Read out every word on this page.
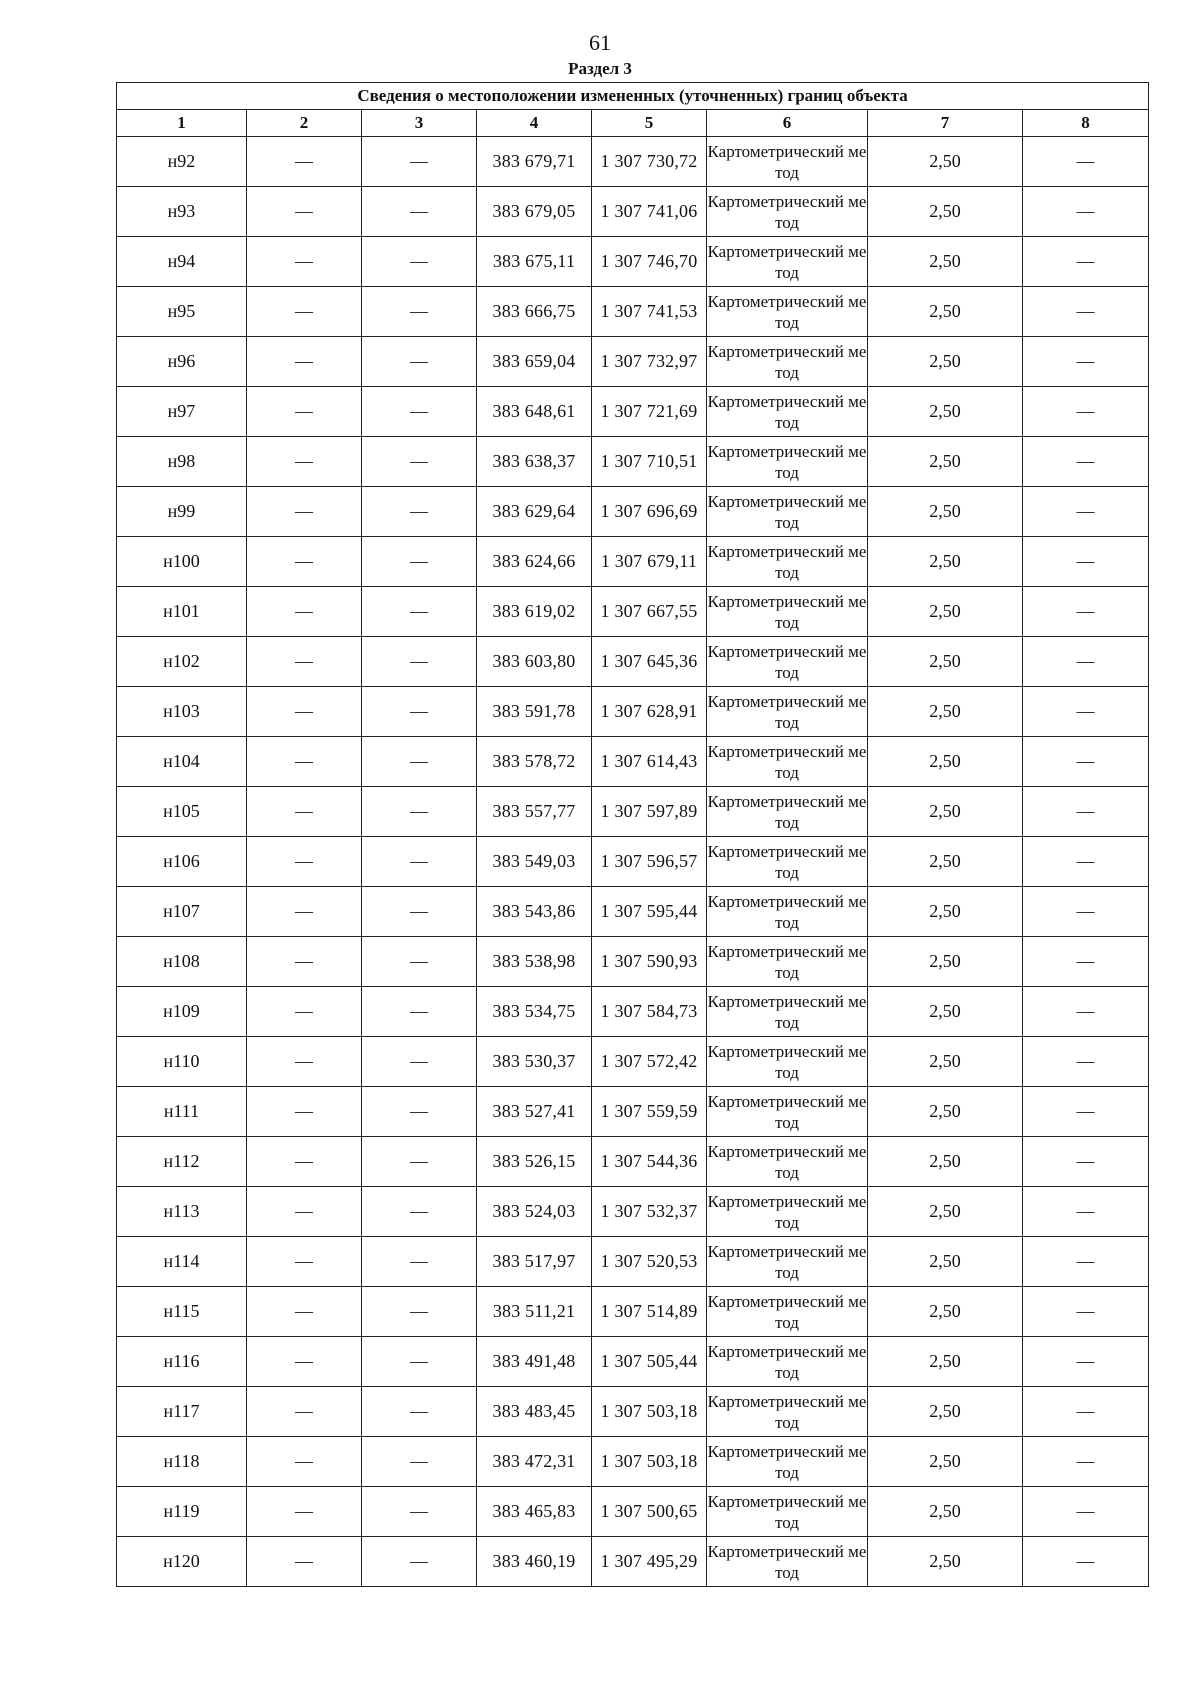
61
Раздел 3
Сведения о местоположении измененных (уточненных) границ объекта							
1	2	3	4	5	6	7	8
н92	—	—	383 679,71	1 307 730,72	Картометрический метод	2,50	—
н93	—	—	383 679,05	1 307 741,06	Картометрический метод	2,50	—
н94	—	—	383 675,11	1 307 746,70	Картометрический метод	2,50	—
н95	—	—	383 666,75	1 307 741,53	Картометрический метод	2,50	—
н96	—	—	383 659,04	1 307 732,97	Картометрический метод	2,50	—
н97	—	—	383 648,61	1 307 721,69	Картометрический метод	2,50	—
н98	—	—	383 638,37	1 307 710,51	Картометрический метод	2,50	—
н99	—	—	383 629,64	1 307 696,69	Картометрический метод	2,50	—
н100	—	—	383 624,66	1 307 679,11	Картометрический метод	2,50	—
н101	—	—	383 619,02	1 307 667,55	Картометрический метод	2,50	—
н102	—	—	383 603,80	1 307 645,36	Картометрический метод	2,50	—
н103	—	—	383 591,78	1 307 628,91	Картометрический метод	2,50	—
н104	—	—	383 578,72	1 307 614,43	Картометрический метод	2,50	—
н105	—	—	383 557,77	1 307 597,89	Картометрический метод	2,50	—
н106	—	—	383 549,03	1 307 596,57	Картометрический метод	2,50	—
н107	—	—	383 543,86	1 307 595,44	Картометрический метод	2,50	—
н108	—	—	383 538,98	1 307 590,93	Картометрический метод	2,50	—
н109	—	—	383 534,75	1 307 584,73	Картометрический метод	2,50	—
н110	—	—	383 530,37	1 307 572,42	Картометрический метод	2,50	—
н111	—	—	383 527,41	1 307 559,59	Картометрический метод	2,50	—
н112	—	—	383 526,15	1 307 544,36	Картометрический метод	2,50	—
н113	—	—	383 524,03	1 307 532,37	Картометрический метод	2,50	—
н114	—	—	383 517,97	1 307 520,53	Картометрический метод	2,50	—
н115	—	—	383 511,21	1 307 514,89	Картометрический метод	2,50	—
н116	—	—	383 491,48	1 307 505,44	Картометрический метод	2,50	—
н117	—	—	383 483,45	1 307 503,18	Картометрический метод	2,50	—
н118	—	—	383 472,31	1 307 503,18	Картометрический метод	2,50	—
н119	—	—	383 465,83	1 307 500,65	Картометрический метод	2,50	—
н120	—	—	383 460,19	1 307 495,29	Картометрический метод	2,50	—
